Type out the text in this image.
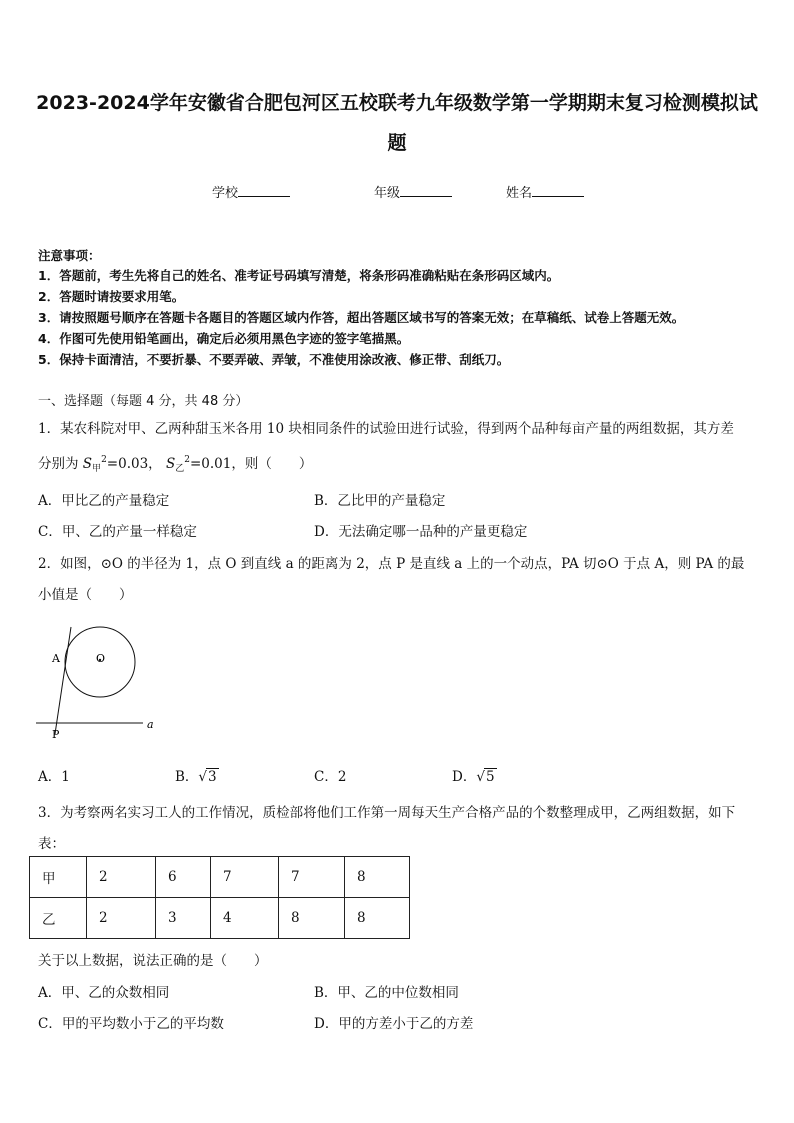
2023-2024学年安徽省合肥包河区五校联考九年级数学第一学期期末复习检测模拟试
题
学校	年级	姓名
注意事项：
1．答题前，考生先将自己的姓名、准考证号码填写清楚，将条形码准确粘贴在条形码区域内。
2．答题时请按要求用笔。
3．请按照题号顺序在答题卡各题目的答题区域内作答，超出答题区域书写的答案无效；在草稿纸、试卷上答题无效。
4．作图可先使用铅笔画出，确定后必须用黑色字迹的签字笔描黑。
5．保持卡面清洁，不要折暴、不要弄破、弄皱，不准使用涂改液、修正带、刮纸刀。
一、选择题（每题 4 分，共 48 分）
1．某农科院对甲、乙两种甜玉米各用 10 块相同条件的试验田进行试验，得到两个品种每亩产量的两组数据，其方差
分别为 $S_甲^2=0.03$， $S_乙^2=0.01$，则（　　）
A．甲比乙的产量稳定	B．乙比甲的产量稳定
C．甲、乙的产量一样稳定	D．无法确定哪一品种的产量更稳定
2．如图，⊙O 的半径为 1，点 O 到直线 a 的距离为 2，点 P 是直线 a 上的一个动点，PA 切⊙O 于点 A，则 PA 的最
小值是（　　）
O
A
P
a
A．1	B．√3	C．2	D．√5
3．为考察两名实习工人的工作情况，质检部将他们工作第一周每天生产合格产品的个数整理成甲，乙两组数据，如下
表：
甲	2	6	7	7	8
乙	2	3	4	8	8
关于以上数据，说法正确的是（　　）
A．甲、乙的众数相同	B．甲、乙的中位数相同
C．甲的平均数小于乙的平均数	D．甲的方差小于乙的方差
